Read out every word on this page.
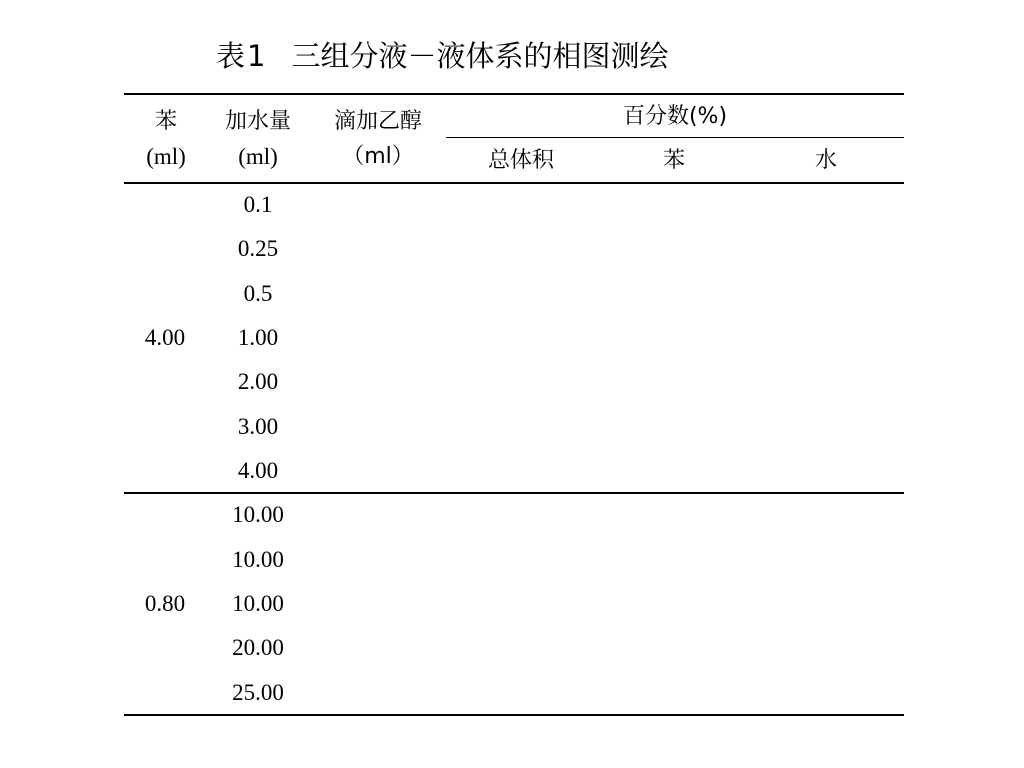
表1 三组分液－液体系的相图测绘
苯
(ml)
加水量
(ml)
滴加乙醇
（ml）
百分数(%)
总体积	苯	水
4.00
0.1
0.25
0.5
1.00
2.00
3.00
4.00
0.80
10.00
10.00
10.00
20.00
25.00
